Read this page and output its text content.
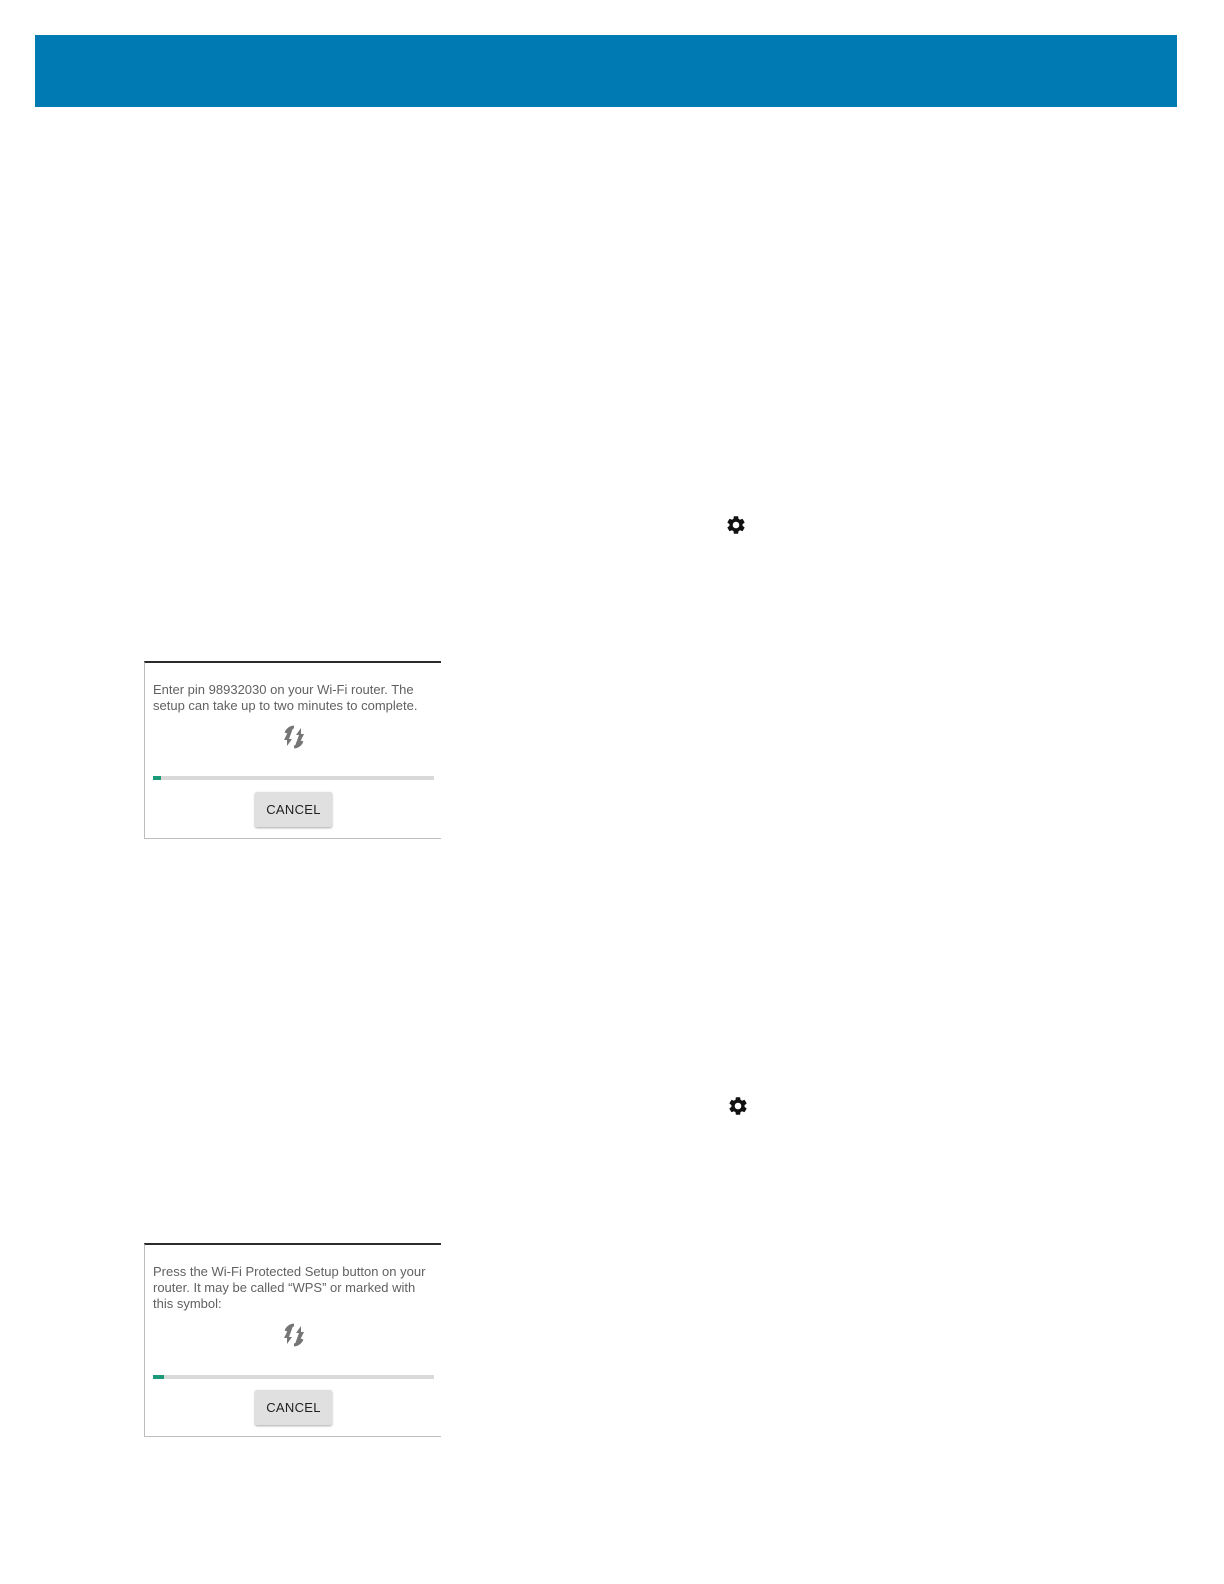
Enter pin 98932030 on your Wi-Fi router. The setup can take up to two minutes to complete.

CANCEL

Press the Wi-Fi Protected Setup button on your router. It may be called “WPS” or marked with this symbol:

CANCEL
